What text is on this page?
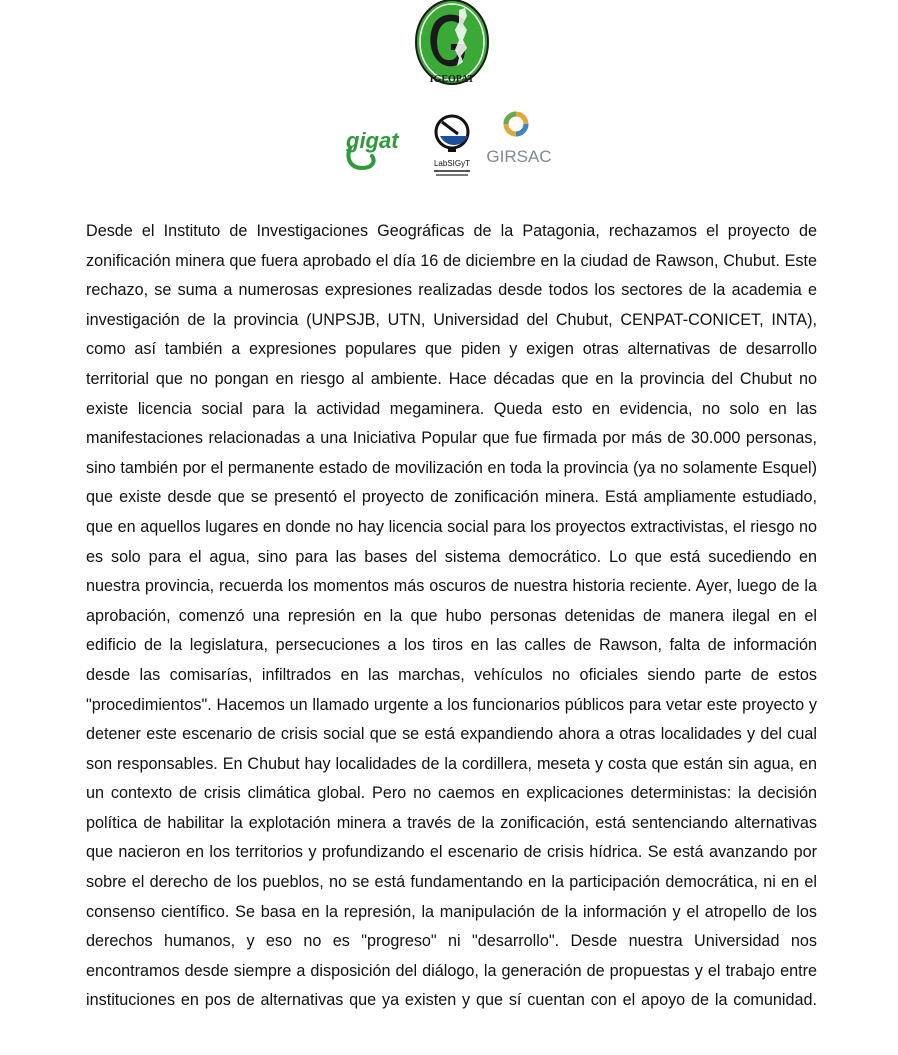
IGEOPAT
gigat
LabSIGyT GIRSAC

Desde el Instituto de Investigaciones Geográficas de la Patagonia, rechazamos el proyecto de zonificación minera que fuera aprobado el día 16 de diciembre en la ciudad de Rawson, Chubut. Este rechazo, se suma a numerosas expresiones realizadas desde todos los sectores de la academia e investigación de la provincia (UNPSJB, UTN, Universidad del Chubut, CENPAT-CONICET, INTA), como así también a expresiones populares que piden y exigen otras alternativas de desarrollo territorial que no pongan en riesgo al ambiente. Hace décadas que en la provincia del Chubut no existe licencia social para la actividad megaminera. Queda esto en evidencia, no solo en las manifestaciones relacionadas a una Iniciativa Popular que fue firmada por más de 30.000 personas, sino también por el permanente estado de movilización en toda la provincia (ya no solamente Esquel) que existe desde que se presentó el proyecto de zonificación minera. Está ampliamente estudiado, que en aquellos lugares en donde no hay licencia social para los proyectos extractivistas, el riesgo no es solo para el agua, sino para las bases del sistema democrático. Lo que está sucediendo en nuestra provincia, recuerda los momentos más oscuros de nuestra historia reciente. Ayer, luego de la aprobación, comenzó una represión en la que hubo personas detenidas de manera ilegal en el edificio de la legislatura, persecuciones a los tiros en las calles de Rawson, falta de información desde las comisarías, infiltrados en las marchas, vehículos no oficiales siendo parte de estos "procedimientos". Hacemos un llamado urgente a los funcionarios públicos para vetar este proyecto y detener este escenario de crisis social que se está expandiendo ahora a otras localidades y del cual son responsables. En Chubut hay localidades de la cordillera, meseta y costa que están sin agua, en un contexto de crisis climática global. Pero no caemos en explicaciones deterministas: la decisión política de habilitar la explotación minera a través de la zonificación, está sentenciando alternativas que nacieron en los territorios y profundizando el escenario de crisis hídrica. Se está avanzando por sobre el derecho de los pueblos, no se está fundamentando en la participación democrática, ni en el consenso científico. Se basa en la represión, la manipulación de la información y el atropello de los derechos humanos, y eso no es "progreso" ni "desarrollo". Desde nuestra Universidad nos encontramos desde siempre a disposición del diálogo, la generación de propuestas y el trabajo entre instituciones en pos de alternativas que ya existen y que sí cuentan con el apoyo de la comunidad.
